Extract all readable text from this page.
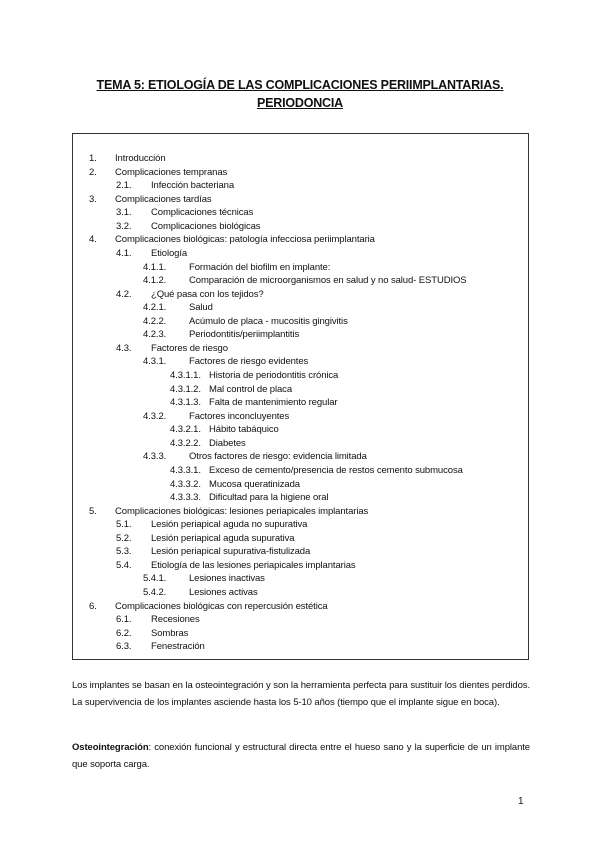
TEMA 5: ETIOLOGÍA DE LAS COMPLICACIONES PERIIMPLANTARIAS.
PERIODONCIA
1. Introducción
2. Complicaciones tempranas
2.1. Infección bacteriana
3. Complicaciones tardías
3.1. Complicaciones técnicas
3.2. Complicaciones biológicas
4. Complicaciones biológicas: patología infecciosa periimplantaria
4.1. Etiología
4.1.1. Formación del biofilm en implante:
4.1.2. Comparación de microorganismos en salud y no salud- ESTUDIOS
4.2. ¿Qué pasa con los tejidos?
4.2.1. Salud
4.2.2. Acúmulo de placa - mucositis gingivitis
4.2.3. Periodontitis/periimplantitis
4.3. Factores de riesgo
4.3.1. Factores de riesgo evidentes
4.3.1.1. Historia de periodontitis crónica
4.3.1.2. Mal control de placa
4.3.1.3. Falta de mantenimiento regular
4.3.2. Factores inconcluyentes
4.3.2.1. Hábito tabáquico
4.3.2.2. Diabetes
4.3.3. Otros factores de riesgo: evidencia limitada
4.3.3.1. Exceso de cemento/presencia de restos cemento submucosa
4.3.3.2. Mucosa queratinizada
4.3.3.3. Dificultad para la higiene oral
5. Complicaciones biológicas: lesiones periapicales implantarias
5.1. Lesión periapical aguda no supurativa
5.2. Lesión periapical aguda supurativa
5.3. Lesión periapical supurativa-fistulizada
5.4. Etiología de las lesiones periapicales implantarias
5.4.1. Lesiones inactivas
5.4.2. Lesiones activas
6. Complicaciones biológicas con repercusión estética
6.1. Recesiones
6.2. Sombras
6.3. Fenestración
Los implantes se basan en la osteointegración y son la herramienta perfecta para sustituir los dientes perdidos. La supervivencia de los implantes asciende hasta los 5-10 años (tiempo que el implante sigue en boca).
Osteointegración: conexión funcional y estructural directa entre el hueso sano y la superficie de un implante que soporta carga.
1
